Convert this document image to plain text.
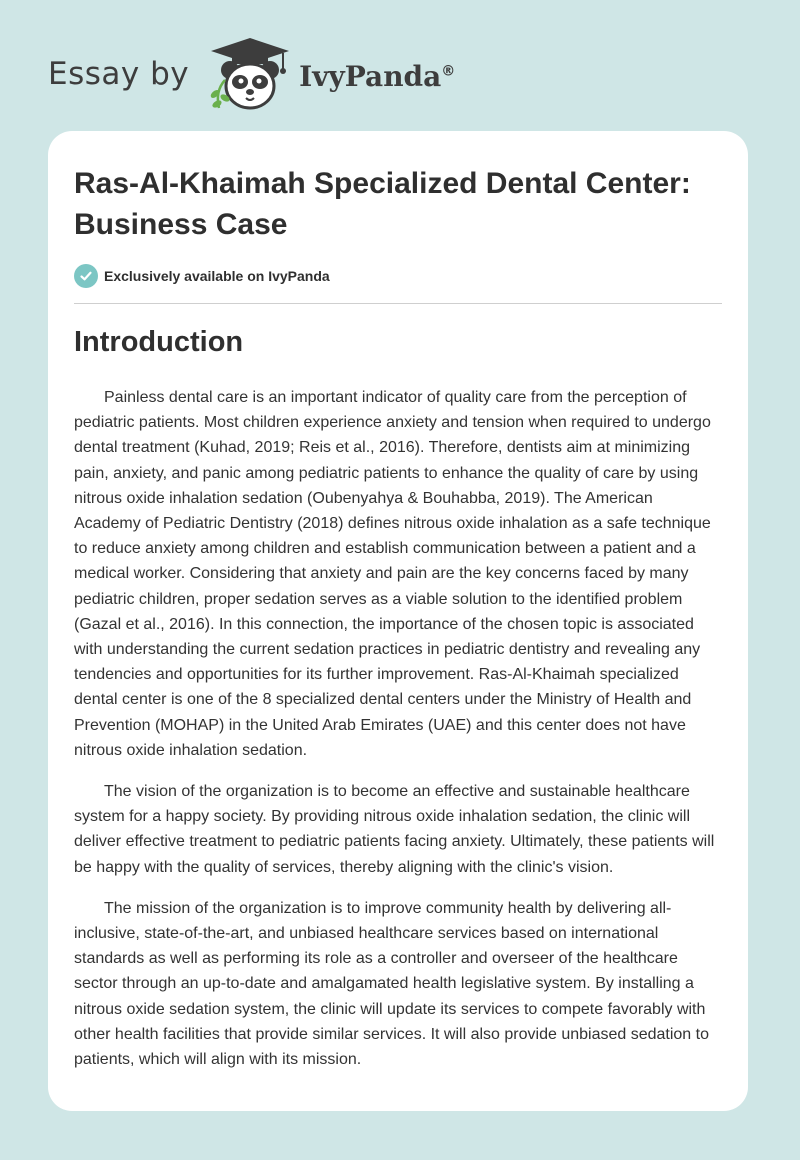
Essay by	IvyPanda®
Ras-Al-Khaimah Specialized Dental Center: Business Case
Exclusively available on IvyPanda
Introduction

Painless dental care is an important indicator of quality care from the perception of pediatric patients. Most children experience anxiety and tension when required to undergo dental treatment (Kuhad, 2019; Reis et al., 2016). Therefore, dentists aim at minimizing pain, anxiety, and panic among pediatric patients to enhance the quality of care by using nitrous oxide inhalation sedation (Oubenyahya & Bouhabba, 2019). The American Academy of Pediatric Dentistry (2018) defines nitrous oxide inhalation as a safe technique to reduce anxiety among children and establish communication between a patient and a medical worker. Considering that anxiety and pain are the key concerns faced by many pediatric children, proper sedation serves as a viable solution to the identified problem (Gazal et al., 2016). In this connection, the importance of the chosen topic is associated with understanding the current sedation practices in pediatric dentistry and revealing any tendencies and opportunities for its further improvement. Ras-Al-Khaimah specialized dental center is one of the 8 specialized dental centers under the Ministry of Health and Prevention (MOHAP) in the United Arab Emirates (UAE) and this center does not have nitrous oxide inhalation sedation.

The vision of the organization is to become an effective and sustainable healthcare system for a happy society. By providing nitrous oxide inhalation sedation, the clinic will deliver effective treatment to pediatric patients facing anxiety. Ultimately, these patients will be happy with the quality of services, thereby aligning with the clinic's vision.

The mission of the organization is to improve community health by delivering all-inclusive, state-of-the-art, and unbiased healthcare services based on international standards as well as performing its role as a controller and overseer of the healthcare sector through an up-to-date and amalgamated health legislative system. By installing a nitrous oxide sedation system, the clinic will update its services to compete favorably with other health facilities that provide similar services. It will also provide unbiased sedation to patients, which will align with its mission.
